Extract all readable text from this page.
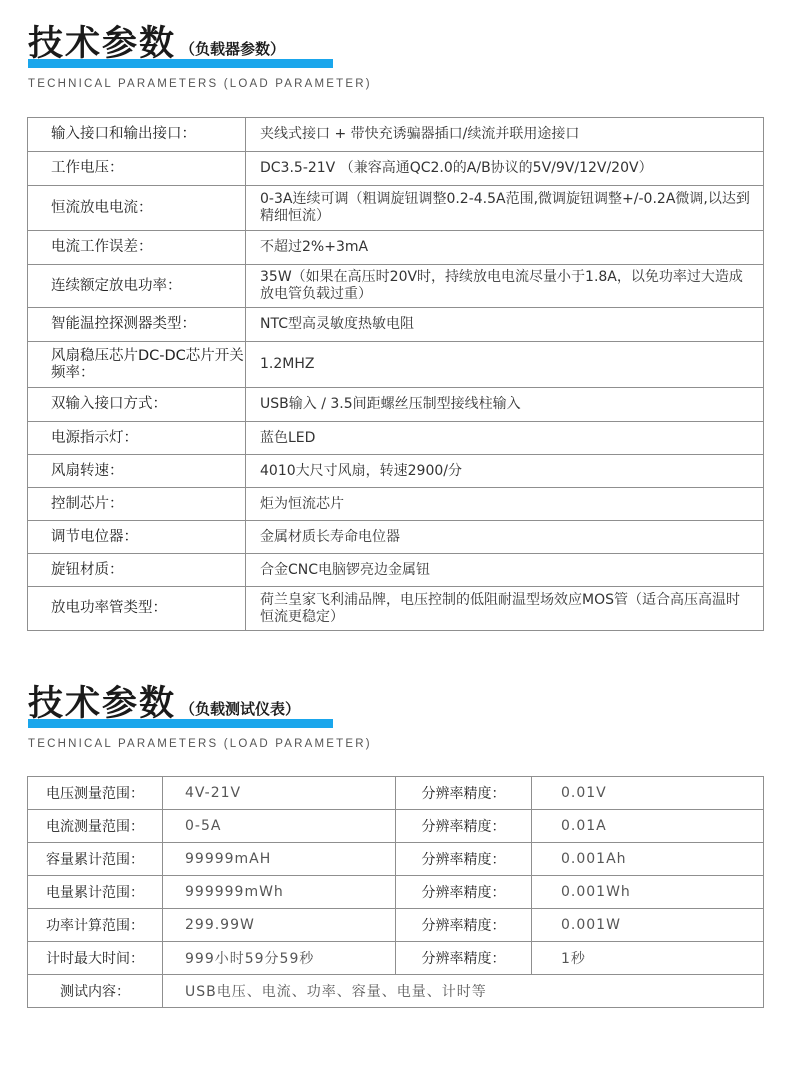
技术参数 （负载器参数）
TECHNICAL PARAMETERS (LOAD PARAMETER)
输入接口和输出接口：	夹线式接口 + 带快充诱骗器插口/续流并联用途接口
工作电压：	DC3.5-21V （兼容高通QC2.0的A/B协议的5V/9V/12V/20V）
恒流放电电流：	0-3A连续可调（粗调旋钮调整0.2-4.5A范围,微调旋钮调整+/-0.2A微调,以达到精细恒流）
电流工作误差：	不超过2%+3mA
连续额定放电功率：	35W（如果在高压时20V时，持续放电电流尽量小于1.8A，以免功率过大造成放电管负载过重）
智能温控探测器类型：	NTC型高灵敏度热敏电阻
风扇稳压芯片DC-DC芯片开关频率：	1.2MHZ
双输入接口方式：	USB输入 / 3.5间距螺丝压制型接线柱输入
电源指示灯：	蓝色LED
风扇转速：	4010大尺寸风扇，转速2900/分
控制芯片：	炬为恒流芯片
调节电位器：	金属材质长寿命电位器
旋钮材质：	合金CNC电脑锣亮边金属钮
放电功率管类型：	荷兰皇家飞利浦品牌，电压控制的低阻耐温型场效应MOS管（适合高压高温时恒流更稳定）
技术参数 （负载测试仪表）
TECHNICAL PARAMETERS (LOAD PARAMETER)
电压测量范围：	4V-21V	分辨率精度：	0.01V
电流测量范围：	0-5A	分辨率精度：	0.01A
容量累计范围：	99999mAH	分辨率精度：	0.001Ah
电量累计范围：	999999mWh	分辨率精度：	0.001Wh
功率计算范围：	299.99W	分辨率精度：	0.001W
计时最大时间：	999小时59分59秒	分辨率精度：	1秒
测试内容：	USB电压、电流、功率、容量、电量、计时等		
